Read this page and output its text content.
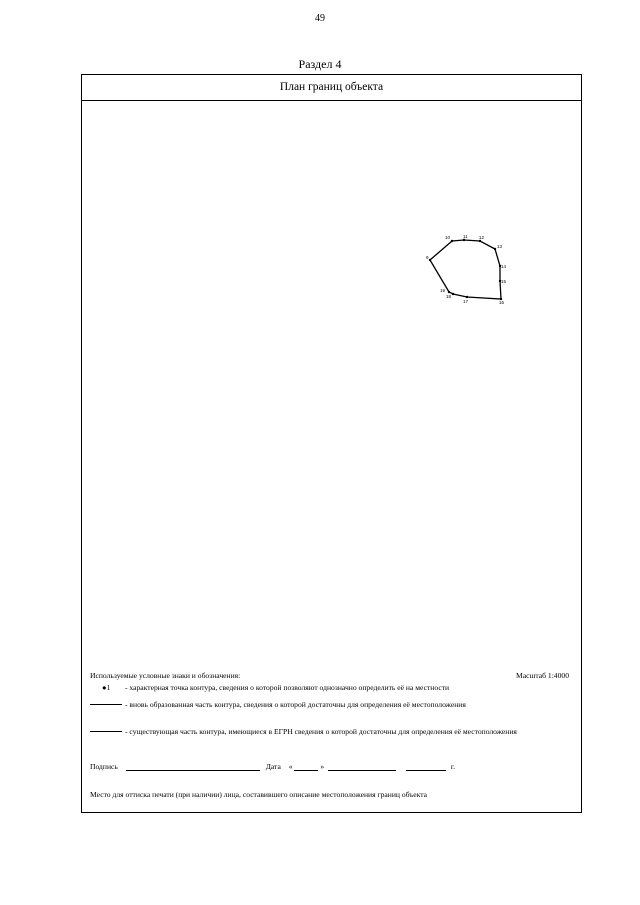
49
Раздел 4
План границ объекта
9
10	11	12
13
14
15
16
17
18
19
Используемые условные знаки и обозначения:	Масштаб 1:4000
●1 - характерная точка контура, сведения о которой позволяют однозначно определить её на местности
- вновь образованная часть контура, сведения о которой достаточны для определения её местоположения
- существующая часть контура, имеющиеся в ЕГРН сведения о которой достаточны для определения её местоположения
Подпись	Дата «	»	г.
Место для оттиска печати (при наличии) лица, составившего описание местоположения границ объекта
